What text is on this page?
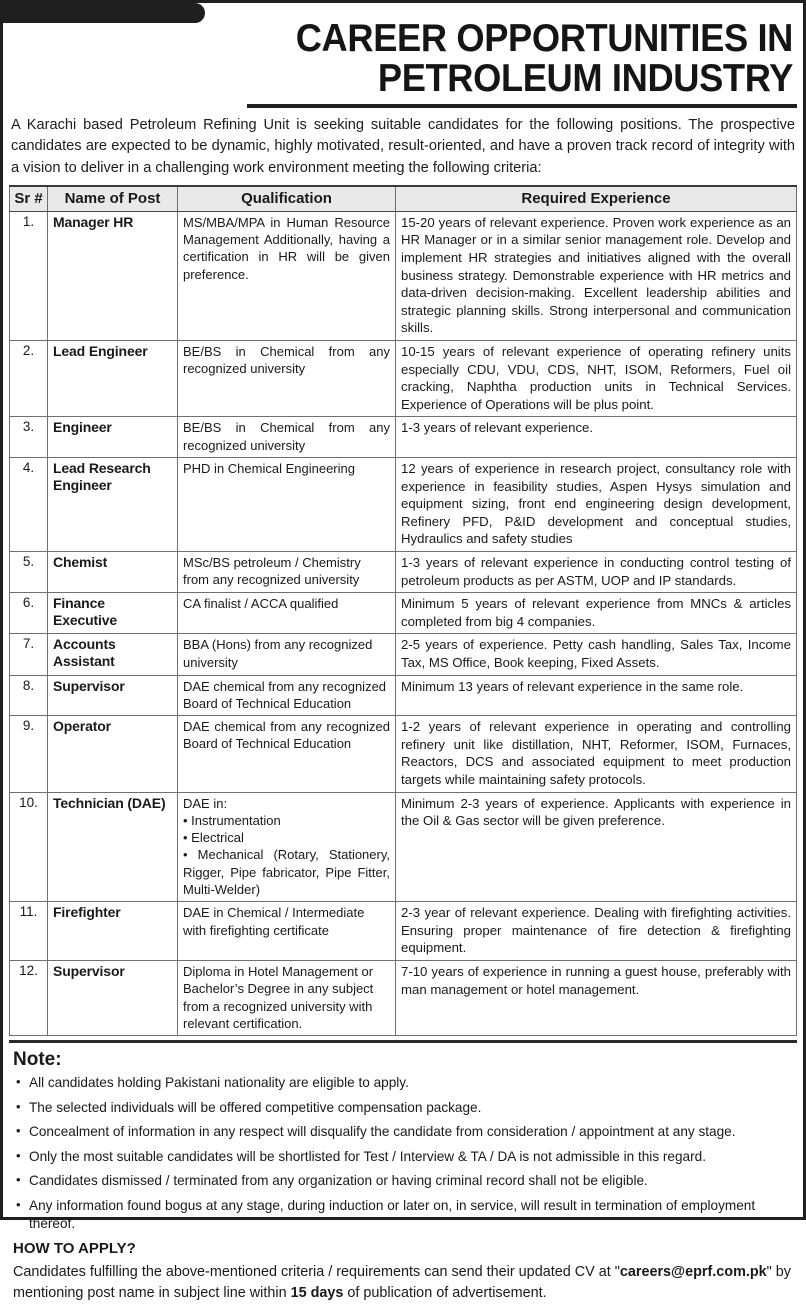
CAREER OPPORTUNITIES IN
PETROLEUM INDUSTRY
A Karachi based Petroleum Refining Unit is seeking suitable candidates for the following positions. The prospective candidates are expected to be dynamic, highly motivated, result-oriented, and have a proven track record of integrity with a vision to deliver in a challenging work environment meeting the following criteria:
Sr #	Name of Post	Qualification	Required Experience
1.	Manager HR	MS/MBA/MPA in Human Resource Management Additionally, having a certification in HR will be given preference.	15-20 years of relevant experience. Proven work experience as an HR Manager or in a similar senior management role. Develop and implement HR strategies and initiatives aligned with the overall business strategy. Demonstrable experience with HR metrics and data-driven decision-making. Excellent leadership abilities and strategic planning skills. Strong interpersonal and communication skills.
2.	Lead Engineer	BE/BS in Chemical from any recognized university	10-15 years of relevant experience of operating refinery units especially CDU, VDU, CDS, NHT, ISOM, Reformers, Fuel oil cracking, Naphtha production units in Technical Services. Experience of Operations will be plus point.
3.	Engineer	BE/BS in Chemical from any recognized university	1-3 years of relevant experience.
4.	Lead Research Engineer	PHD in Chemical Engineering	12 years of experience in research project, consultancy role with experience in feasibility studies, Aspen Hysys simulation and equipment sizing, front end engineering design development, Refinery PFD, P&ID development and conceptual studies, Hydraulics and safety studies
5.	Chemist	MSc/BS petroleum / Chemistry from any recognized university	1-3 years of relevant experience in conducting control testing of petroleum products as per ASTM, UOP and IP standards.
6.	Finance Executive	CA finalist / ACCA qualified	Minimum 5 years of relevant experience from MNCs & articles completed from big 4 companies.
7.	Accounts Assistant	BBA (Hons) from any recognized university	2-5 years of experience. Petty cash handling, Sales Tax, Income Tax, MS Office, Book keeping, Fixed Assets.
8.	Supervisor	DAE chemical from any recognized Board of Technical Education	Minimum 13 years of relevant experience in the same role.
9.	Operator	DAE chemical from any recognized Board of Technical Education	1-2 years of relevant experience in operating and controlling refinery unit like distillation, NHT, Reformer, ISOM, Furnaces, Reactors, DCS and associated equipment to meet production targets while maintaining safety protocols.
10.	Technician (DAE)	DAE in:
• Instrumentation
• Electrical
• Mechanical (Rotary, Stationery, Rigger, Pipe fabricator, Pipe Fitter, Multi-Welder)
	Minimum 2-3 years of experience. Applicants with experience in the Oil & Gas sector will be given preference.
11.	Firefighter	DAE in Chemical / Intermediate with firefighting certificate	2-3 year of relevant experience. Dealing with firefighting activities. Ensuring proper maintenance of fire detection & firefighting equipment.
12.	Supervisor	Diploma in Hotel Management or Bachelor’s Degree in any subject from a recognized university with relevant certification.	7-10 years of experience in running a guest house, preferably with man management or hotel management.
Note:
• All candidates holding Pakistani nationality are eligible to apply.
• The selected individuals will be offered competitive compensation package.
• Concealment of information in any respect will disqualify the candidate from consideration / appointment at any stage.
• Only the most suitable candidates will be shortlisted for Test / Interview & TA / DA is not admissible in this regard.
• Candidates dismissed / terminated from any organization or having criminal record shall not be eligible.
• Any information found bogus at any stage, during induction or later on, in service, will result in termination of employment thereof.
HOW TO APPLY?
Candidates fulfilling the above-mentioned criteria / requirements can send their updated CV at "careers@eprf.com.pk" by mentioning post name in subject line within 15 days of publication of advertisement.
